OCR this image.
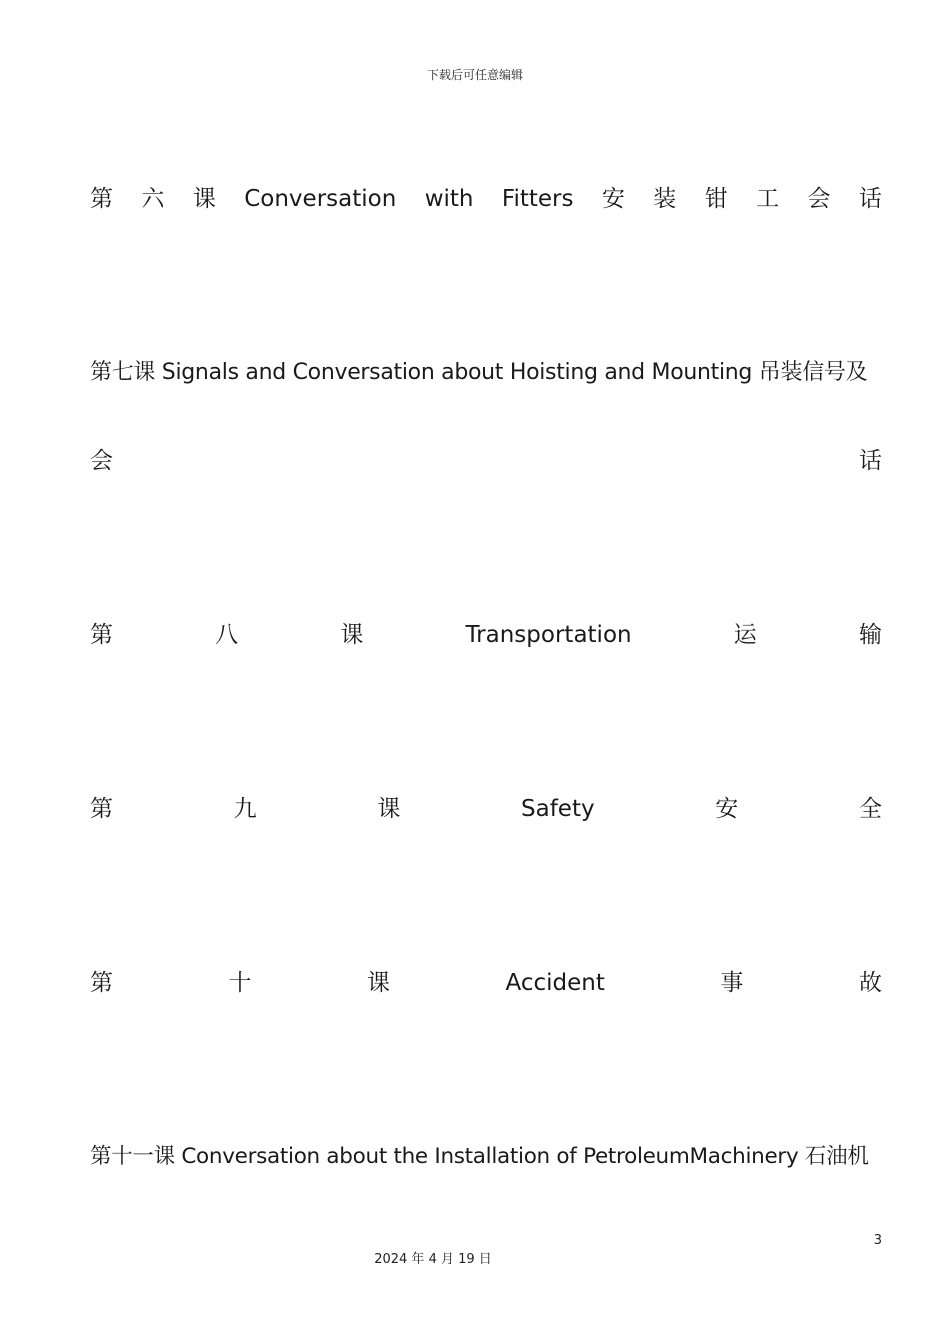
下载后可任意编辑
第 六 课 Conversation with Fitters 安 装 钳 工 会 话
第七课 Signals and Conversation about Hoisting and Mounting 吊装信号及
会	话
第	八	课	Transportation	运	输
第	九	课	Safety	安	全
第	十	课	Accident	事	故
第十一课 Conversation about the Installation of PetroleumMachinery 石油机
3
2024 年 4 月 19 日
